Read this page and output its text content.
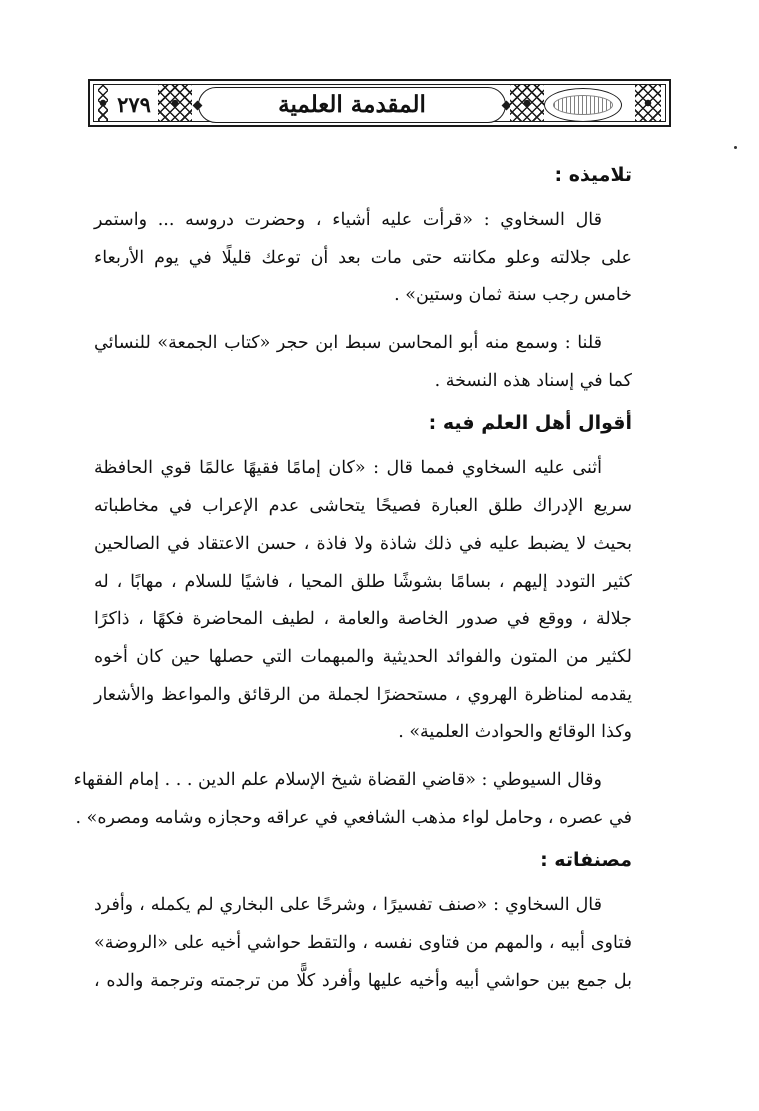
٢٧٩	المقدمة العلمية
تلاميذه :
قال السخاوي : «قرأت عليه أشياء ، وحضرت دروسه ... واستمر
على جلالته وعلو مكانته حتى مات بعد أن توعك قليلًا في يوم الأربعاء
خامس رجب سنة ثمان وستين» .
قلنا : وسمع منه أبو المحاسن سبط ابن حجر «كتاب الجمعة» للنسائي
كما في إسناد هذه النسخة .
أقوال أهل العلم فيه :
أثنى عليه السخاوي فمما قال : «كان إمامًا فقيهًا عالمًا قوي الحافظة
سريع الإدراك طلق العبارة فصيحًا يتحاشى عدم الإعراب في مخاطباته
بحيث لا يضبط عليه في ذلك شاذة ولا فاذة ، حسن الاعتقاد في الصالحين
كثير التودد إليهم ، بسامًا بشوشًا طلق المحيا ، فاشيًا للسلام ، مهابًا ، له
جلالة ، ووقع في صدور الخاصة والعامة ، لطيف المحاضرة فكهًا ، ذاكرًا
لكثير من المتون والفوائد الحديثية والمبهمات التي حصلها حين كان أخوه
يقدمه لمناظرة الهروي ، مستحضرًا لجملة من الرقائق والمواعظ والأشعار
وكذا الوقائع والحوادث العلمية» .
وقال السيوطي : «قاضي القضاة شيخ الإسلام علم الدين . . . إمام الفقهاء
في عصره ، وحامل لواء مذهب الشافعي في عراقه وحجازه وشامه ومصره» .
مصنفاته :
قال السخاوي : «صنف تفسيرًا ، وشرحًا على البخاري لم يكمله ، وأفرد
فتاوى أبيه ، والمهم من فتاوى نفسه ، والتقط حواشي أخيه على «الروضة»
بل جمع بين حواشي أبيه وأخيه عليها وأفرد كلًّا من ترجمته وترجمة والده ،
